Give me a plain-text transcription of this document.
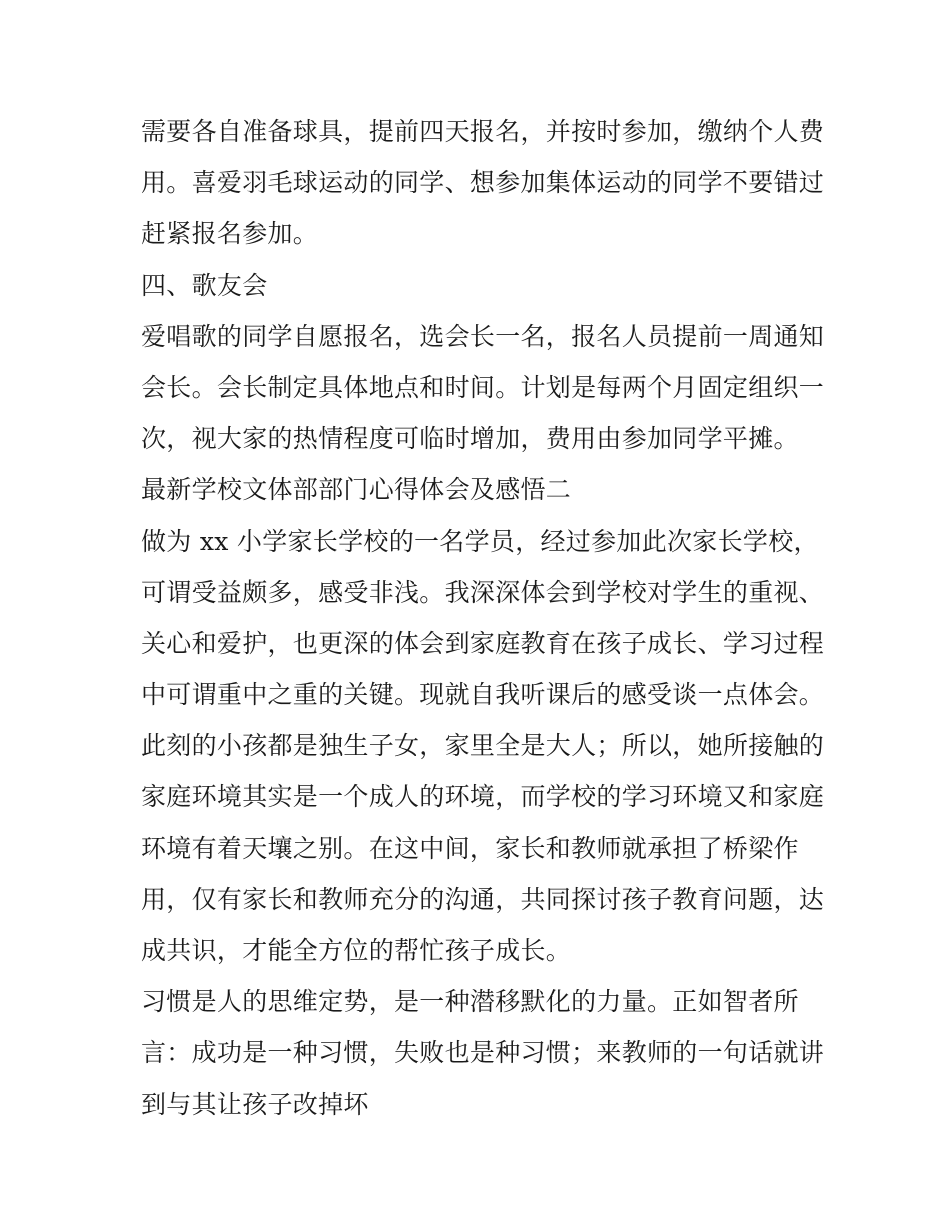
需要各自准备球具，提前四天报名，并按时参加，缴纳个人费
用。喜爱羽毛球运动的同学、想参加集体运动的同学不要错过
赶紧报名参加。
四、歌友会
爱唱歌的同学自愿报名，选会长一名，报名人员提前一周通知
会长。会长制定具体地点和时间。计划是每两个月固定组织一
次，视大家的热情程度可临时增加，费用由参加同学平摊。
最新学校文体部部门心得体会及感悟二
做为 xx 小学家长学校的一名学员，经过参加此次家长学校，
可谓受益颇多，感受非浅。我深深体会到学校对学生的重视、
关心和爱护，也更深的体会到家庭教育在孩子成长、学习过程
中可谓重中之重的关键。现就自我听课后的感受谈一点体会。
此刻的小孩都是独生子女，家里全是大人；所以，她所接触的
家庭环境其实是一个成人的环境，而学校的学习环境又和家庭
环境有着天壤之别。在这中间，家长和教师就承担了桥梁作
用，仅有家长和教师充分的沟通，共同探讨孩子教育问题，达
成共识，才能全方位的帮忙孩子成长。
习惯是人的思维定势，是一种潜移默化的力量。正如智者所
言：成功是一种习惯，失败也是种习惯；来教师的一句话就讲
到与其让孩子改掉坏
